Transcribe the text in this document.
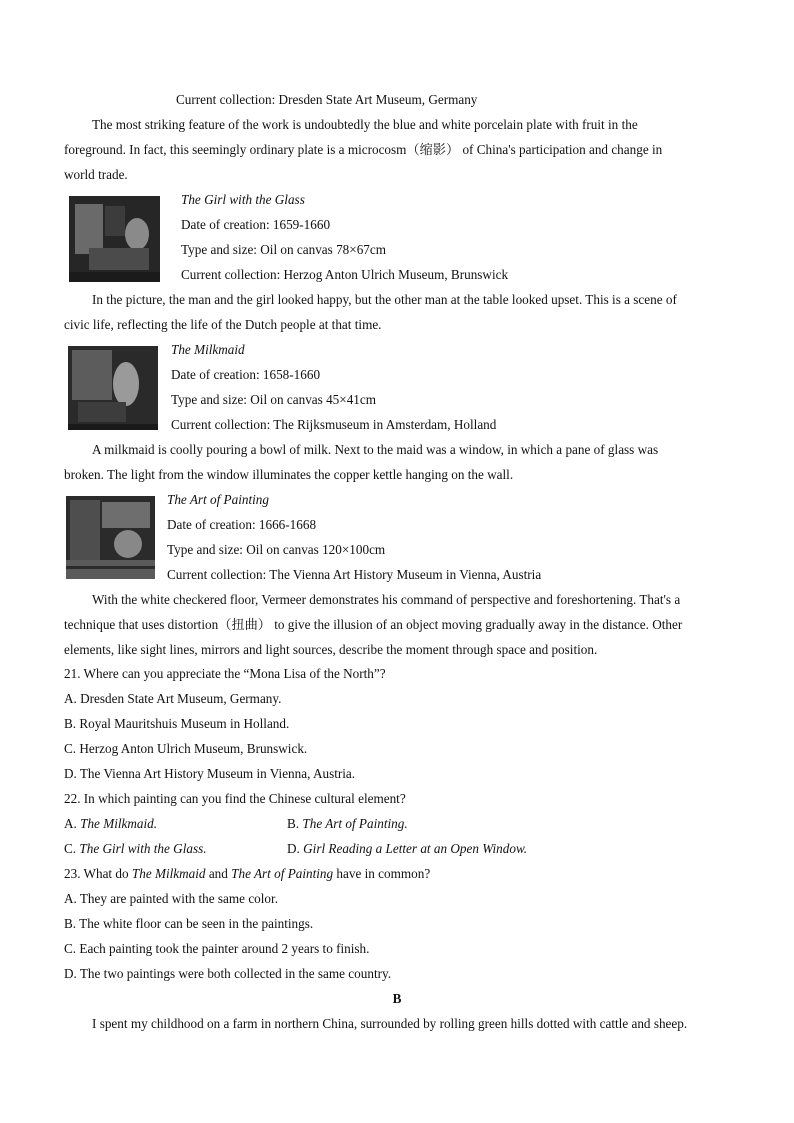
Current collection: Dresden State Art Museum, Germany
The most striking feature of the work is undoubtedly the blue and white porcelain plate with fruit in the
foreground. In fact, this seemingly ordinary plate is a microcosm（缩影） of China's participation and change in
world trade.
The Girl with the Glass
Date of creation: 1659-1660
Type and size: Oil on canvas 78×67cm
Current collection: Herzog Anton Ulrich Museum, Brunswick
In the picture, the man and the girl looked happy, but the other man at the table looked upset. This is a scene of
civic life, reflecting the life of the Dutch people at that time.
The Milkmaid
Date of creation: 1658-1660
Type and size: Oil on canvas 45×41cm
Current collection: The Rijksmuseum in Amsterdam, Holland
A milkmaid is coolly pouring a bowl of milk. Next to the maid was a window, in which a pane of glass was
broken. The light from the window illuminates the copper kettle hanging on the wall.
The Art of Painting
Date of creation: 1666-1668
Type and size: Oil on canvas 120×100cm
Current collection: The Vienna Art History Museum in Vienna, Austria
With the white checkered floor, Vermeer demonstrates his command of perspective and foreshortening. That's a
technique that uses distortion（扭曲） to give the illusion of an object moving gradually away in the distance. Other
elements, like sight lines, mirrors and light sources, describe the moment through space and position.
21. Where can you appreciate the “Mona Lisa of the North”?
A. Dresden State Art Museum, Germany.
B. Royal Mauritshuis Museum in Holland.
C. Herzog Anton Ulrich Museum, Brunswick.
D. The Vienna Art History Museum in Vienna, Austria.
22. In which painting can you find the Chinese cultural element?
A. The Milkmaid.	B. The Art of Painting.
C. The Girl with the Glass.	D. Girl Reading a Letter at an Open Window.
23. What do The Milkmaid and The Art of Painting have in common?
A. They are painted with the same color.
B. The white floor can be seen in the paintings.
C. Each painting took the painter around 2 years to finish.
D. The two paintings were both collected in the same country.
B
I spent my childhood on a farm in northern China, surrounded by rolling green hills dotted with cattle and sheep.
